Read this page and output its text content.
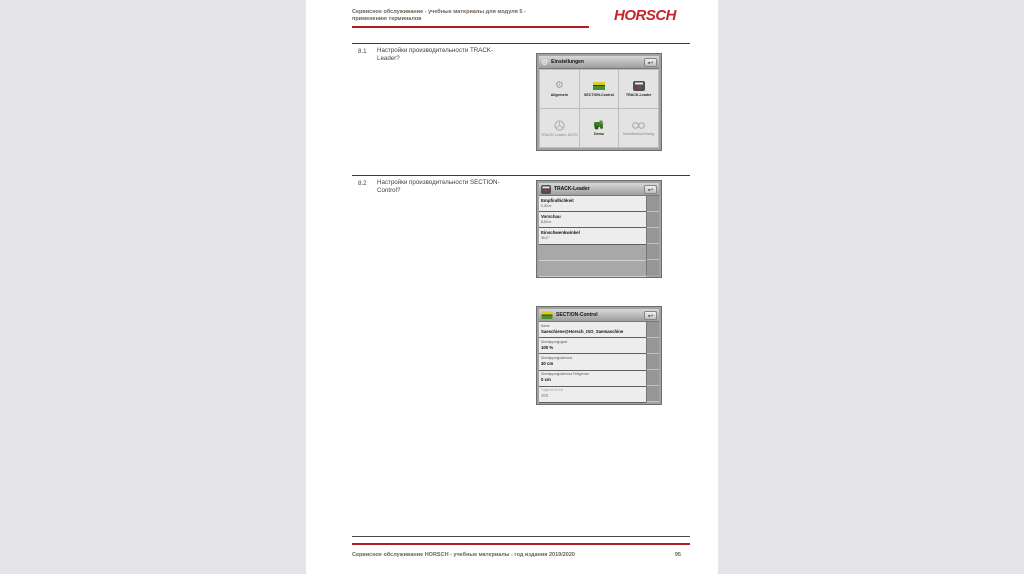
Сервисное обслуживание - учебные материалы для модуля 5 -
применению терминалов	HORSCH
8.1 Настройки производительности TRACK-Leader?	⚙ Einstellungen	↩
⚙
Allgemein	SECTION-Control	TRACK-Leader
TRACK-Leader AUTO	Demo	Nachtbeleuchtung
8.2 Настройки производительности SECTION-Control?	TRACK-Leader	↩
Empfindlichkeit
0,30 m
Vorschau
8,00 m
Einschwenkwinkel
30,0 °
SECTION-Control	↩
Name
Saeschiene@Horsch_ISO_Saemaschine
Überlappungsgrad
100 %
Überlappungstoleranz
30 cm
Überlappungstoleranz Feldgrenze
0 cm
Trägheit bei Ein
300
Сервисное обслуживание HORSCH - учебные материалы - год издания 2019/2020	95
